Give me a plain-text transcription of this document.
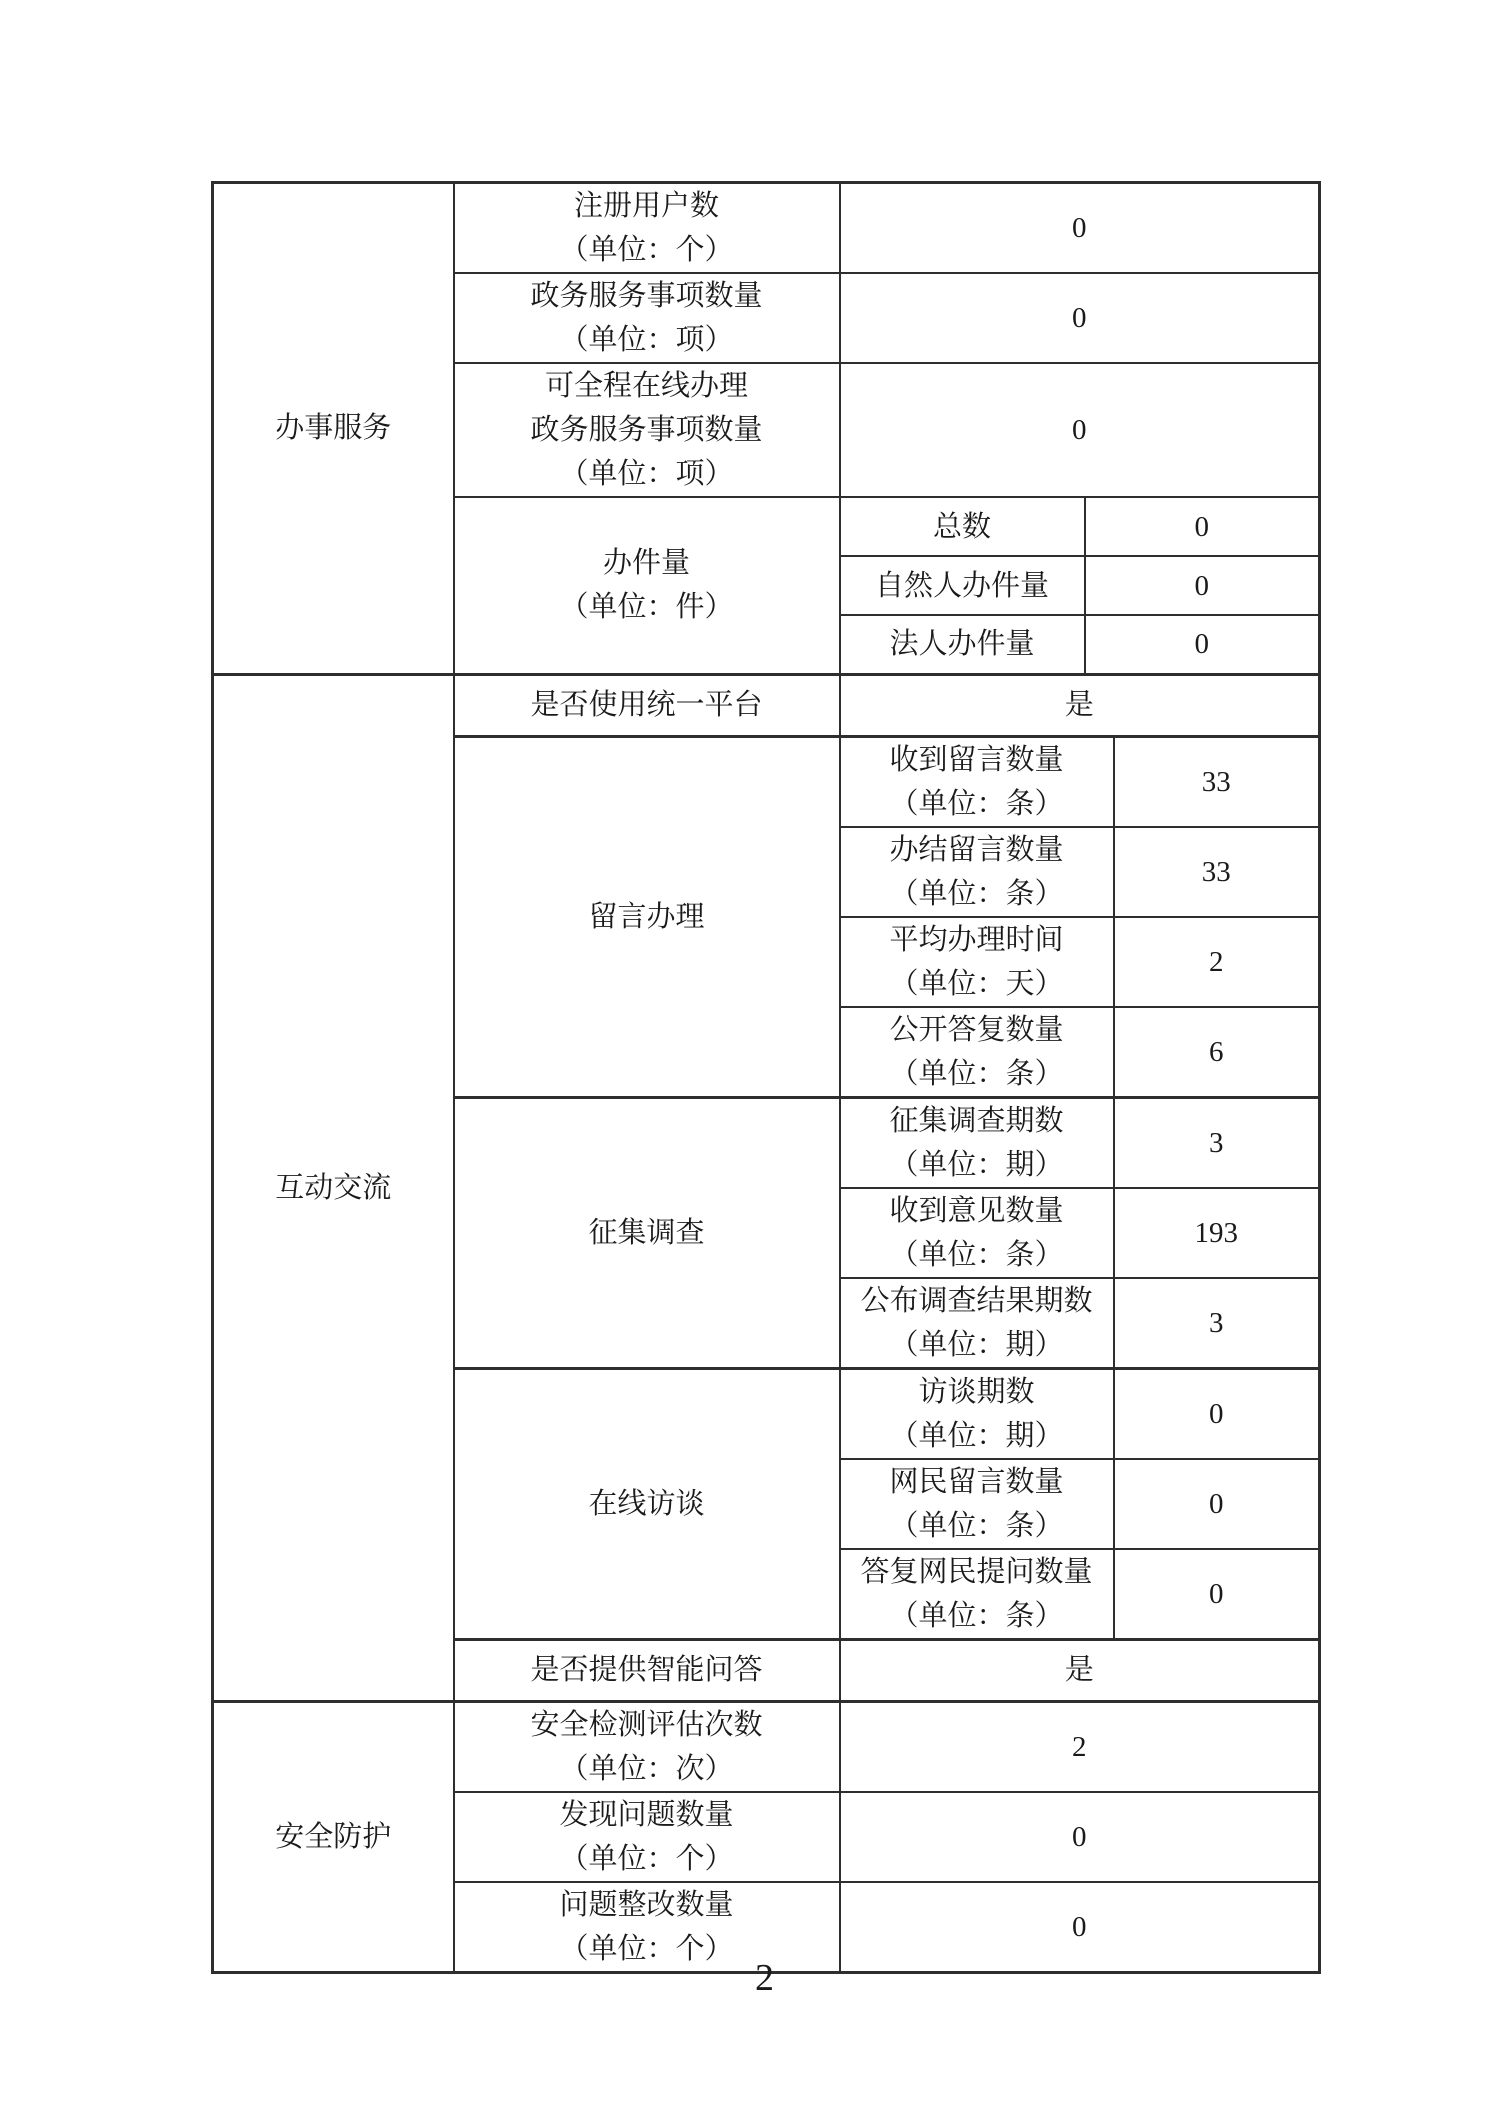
办事服务	注册用户数
（单位：个）	0		

	政务服务事项数量
（单位：项）	0		

	可全程在线办理
政务服务事项数量
（单位：项）	0		

	办件量
（单位：件）	总数	0	
		自然人办件量	0	
		法人办件量	0	
互动交流	是否使用统一平台	是		
	留言办理	收到留言数量
（单位：条）		33

		办结留言数量
（单位：条）		33

		平均办理时间
（单位：天）		2

		公开答复数量
（单位：条）		6
	征集调查	征集调查期数
（单位：期）		3

		收到意见数量
（单位：条）		193

		公布调查结果期数
（单位：期）		3
	在线访谈	访谈期数
（单位：期）		0

		网民留言数量
（单位：条）		0

		答复网民提问数量
（单位：条）		0
	是否提供智能问答	是		
安全防护	安全检测评估次数
（单位：次）	2		

	发现问题数量
（单位：个）	0		

	问题整改数量
（单位：个）	0		
2
